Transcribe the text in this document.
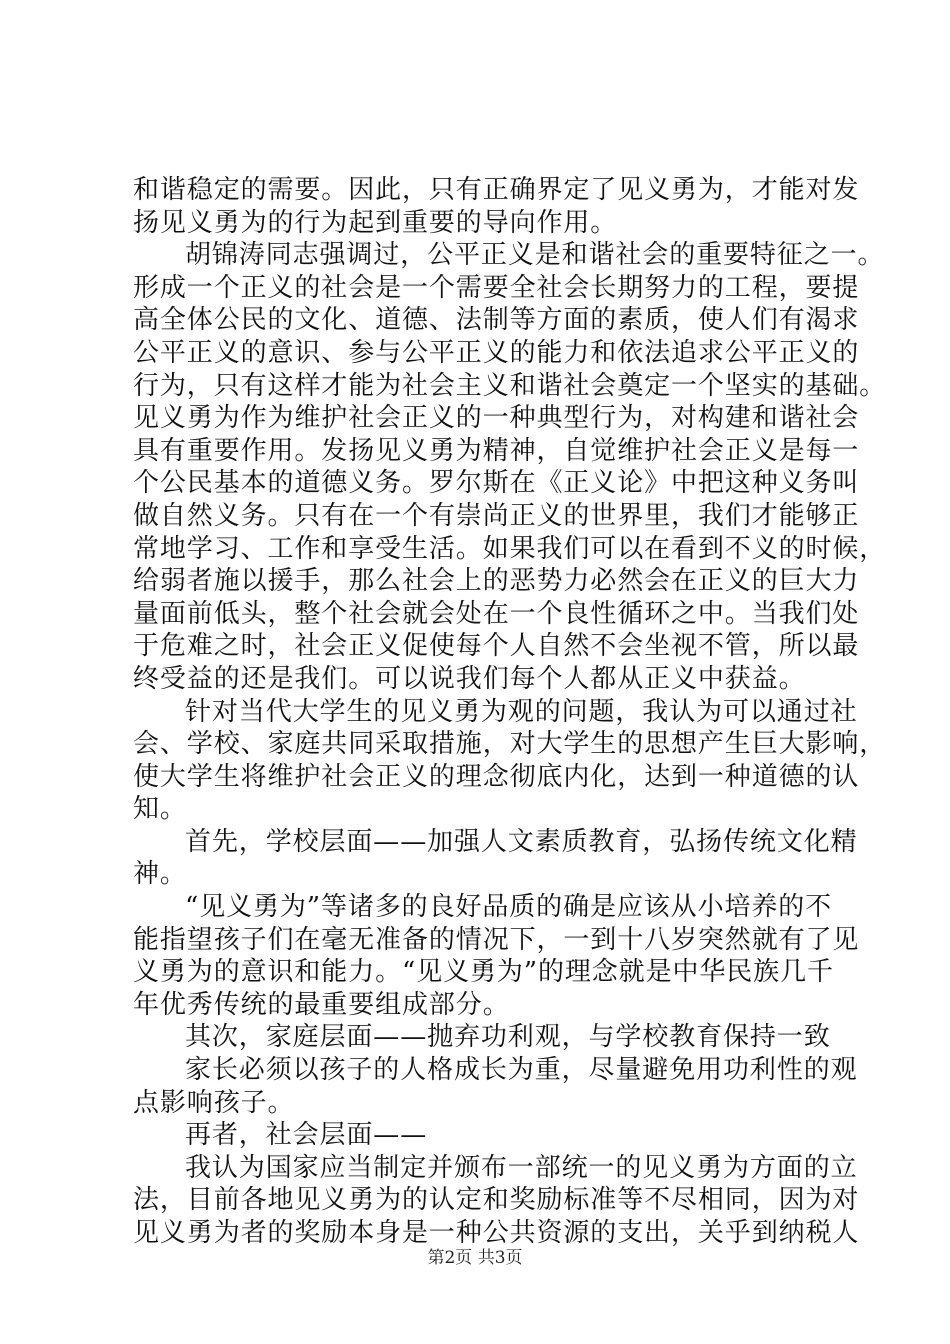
和谐稳定的需要。因此，只有正确界定了见义勇为，才能对发
扬见义勇为的行为起到重要的导向作用。
胡锦涛同志强调过，公平正义是和谐社会的重要特征之一。
形成一个正义的社会是一个需要全社会长期努力的工程，要提
高全体公民的文化、道德、法制等方面的素质，使人们有渴求
公平正义的意识、参与公平正义的能力和依法追求公平正义的
行为，只有这样才能为社会主义和谐社会奠定一个坚实的基础。
见义勇为作为维护社会正义的一种典型行为，对构建和谐社会
具有重要作用。发扬见义勇为精神，自觉维护社会正义是每一
个公民基本的道德义务。罗尔斯在《正义论》中把这种义务叫
做自然义务。只有在一个有崇尚正义的世界里，我们才能够正
常地学习、工作和享受生活。如果我们可以在看到不义的时候，
给弱者施以援手，那么社会上的恶势力必然会在正义的巨大力
量面前低头，整个社会就会处在一个良性循环之中。当我们处
于危难之时，社会正义促使每个人自然不会坐视不管，所以最
终受益的还是我们。可以说我们每个人都从正义中获益。
针对当代大学生的见义勇为观的问题，我认为可以通过社
会、学校、家庭共同采取措施，对大学生的思想产生巨大影响，
使大学生将维护社会正义的理念彻底内化，达到一种道德的认
知。
首先，学校层面——加强人文素质教育，弘扬传统文化精
神。
“见义勇为”等诸多的良好品质的确是应该从小培养的不
能指望孩子们在毫无准备的情况下，一到十八岁突然就有了见
义勇为的意识和能力。“见义勇为”的理念就是中华民族几千
年优秀传统的最重要组成部分。
其次，家庭层面——抛弃功利观，与学校教育保持一致
家长必须以孩子的人格成长为重，尽量避免用功利性的观
点影响孩子。
再者，社会层面——
我认为国家应当制定并颁布一部统一的见义勇为方面的立
法，目前各地见义勇为的认定和奖励标准等不尽相同，因为对
见义勇为者的奖励本身是一种公共资源的支出，关乎到纳税人
第2页 共3页
